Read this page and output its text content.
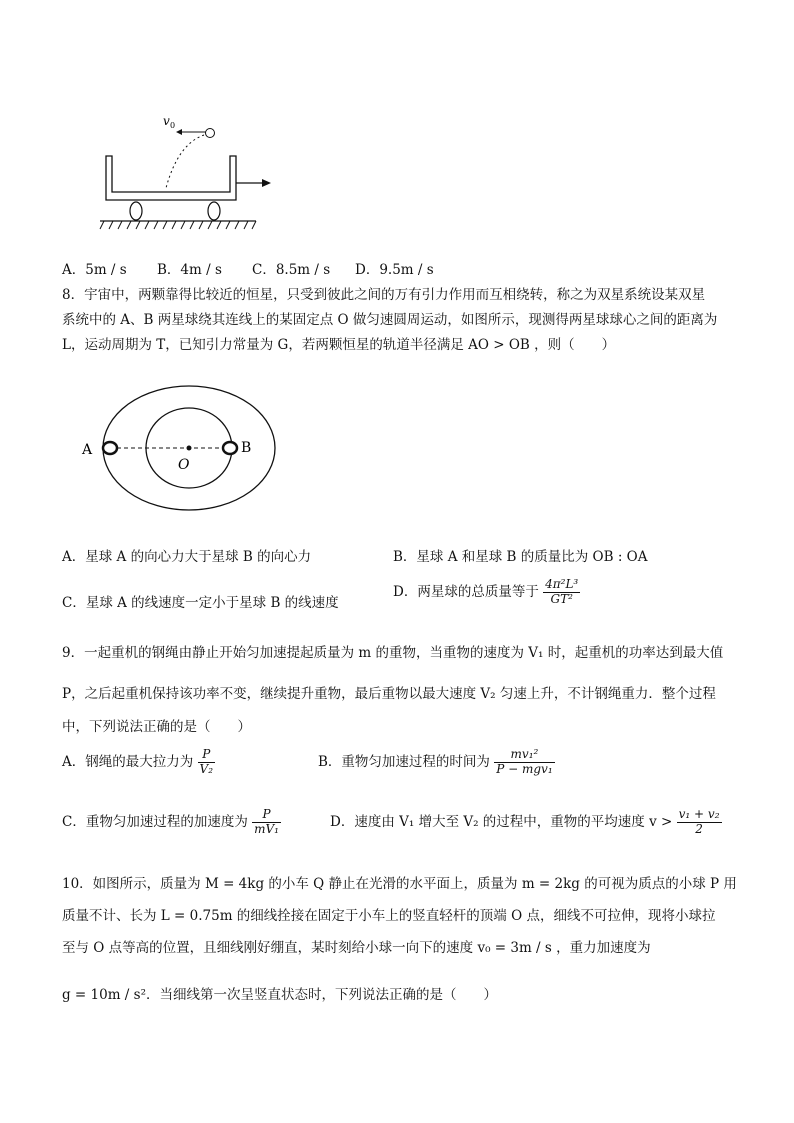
v 0
A．5m / s B．4m / s C．8.5m / s D．9.5m / s
8．宇宙中，两颗靠得比较近的恒星，只受到彼此之间的万有引力作用而互相绕转，称之为双星系统设某双星
系统中的 A、B 两星球绕其连线上的某固定点 O 做匀速圆周运动，如图所示，现测得两星球球心之间的距离为
L，运动周期为 T，已知引力常量为 G，若两颗恒星的轨道半径满足 AO > OB ，则（　　）
A	B
O
A．星球 A 的向心力大于星球 B 的向心力	B．星球 A 和星球 B 的质量比为 OB : OA
C．星球 A 的线速度一定小于星球 B 的线速度
D．两星球的总质量等于 $\frac{\text{4π²L³}}{\text{GT²}}$
9．一起重机的钢绳由静止开始匀加速提起质量为 m 的重物，当重物的速度为 V₁ 时，起重机的功率达到最大值
P，之后起重机保持该功率不变，继续提升重物，最后重物以最大速度 V₂ 匀速上升，不计钢绳重力．整个过程
中，下列说法正确的是（　　）
A．钢绳的最大拉力为 $\frac{P}{\text{V₂}}$	B．重物匀加速过程的时间为 $\frac{\text{mv₁²}}{\text{P − mgv₁}}$
C．重物匀加速过程的加速度为 $\frac{P}{\text{mV₁}}$	D．速度由 V₁ 增大至 V₂ 的过程中，重物的平均速度 $v > \frac{\text{v₁ + v₂}}{2}$
10．如图所示，质量为 M = 4kg 的小车 Q 静止在光滑的水平面上，质量为 m = 2kg 的可视为质点的小球 P 用
质量不计、长为 L = 0.75m 的细线拴接在固定于小车上的竖直轻杆的顶端 O 点，细线不可拉伸，现将小球拉
至与 O 点等高的位置，且细线刚好绷直，某时刻给小球一向下的速度 v₀ = 3m / s ，重力加速度为
g = 10m / s²．当细线第一次呈竖直状态时，下列说法正确的是（　　）
